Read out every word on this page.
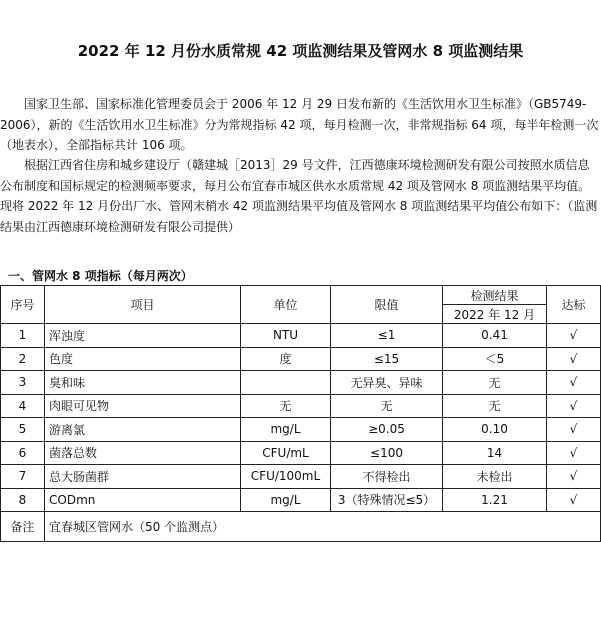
2022 年 12 月份水质常规 42 项监测结果及管网水 8 项监测结果

国家卫生部、国家标准化管理委员会于 2006 年 12 月 29 日发布新的《生活饮用水卫生标准》（GB5749-2006），新的《生活饮用水卫生标准》分为常规指标 42 项，每月检测一次，非常规指标 64 项，每半年检测一次（地表水），全部指标共计 106 项。

根据江西省住房和城乡建设厅（赣建城［2013］29 号文件，江西德康环境检测研发有限公司按照水质信息公布制度和国标规定的检测频率要求，每月公布宜春市城区供水水质常规 42 项及管网水 8 项监测结果平均值。现将 2022 年 12 月份出厂水、管网末梢水 42 项监测结果平均值及管网水 8 项监测结果平均值公布如下：（监测结果由江西德康环境检测研发有限公司提供）

一、管网水 8 项指标（每月两次）
序号	项目	单位	限值	检测结果	达标
				2022 年 12 月	
1	浑浊度	NTU	≤1	0.41	√
2	色度	度	≤15	＜5	√
3	臭和味		无异臭、异味	无	√
4	肉眼可见物	无	无	无	√
5	游离氯	mg/L	≥0.05	0.10	√
6	菌落总数	CFU/mL	≤100	14	√
7	总大肠菌群	CFU/100mL	不得检出	未检出	√
8	CODmn	mg/L	3（特殊情况≤5）	1.21	√
备注	宜春城区管网水（50 个监测点）				
